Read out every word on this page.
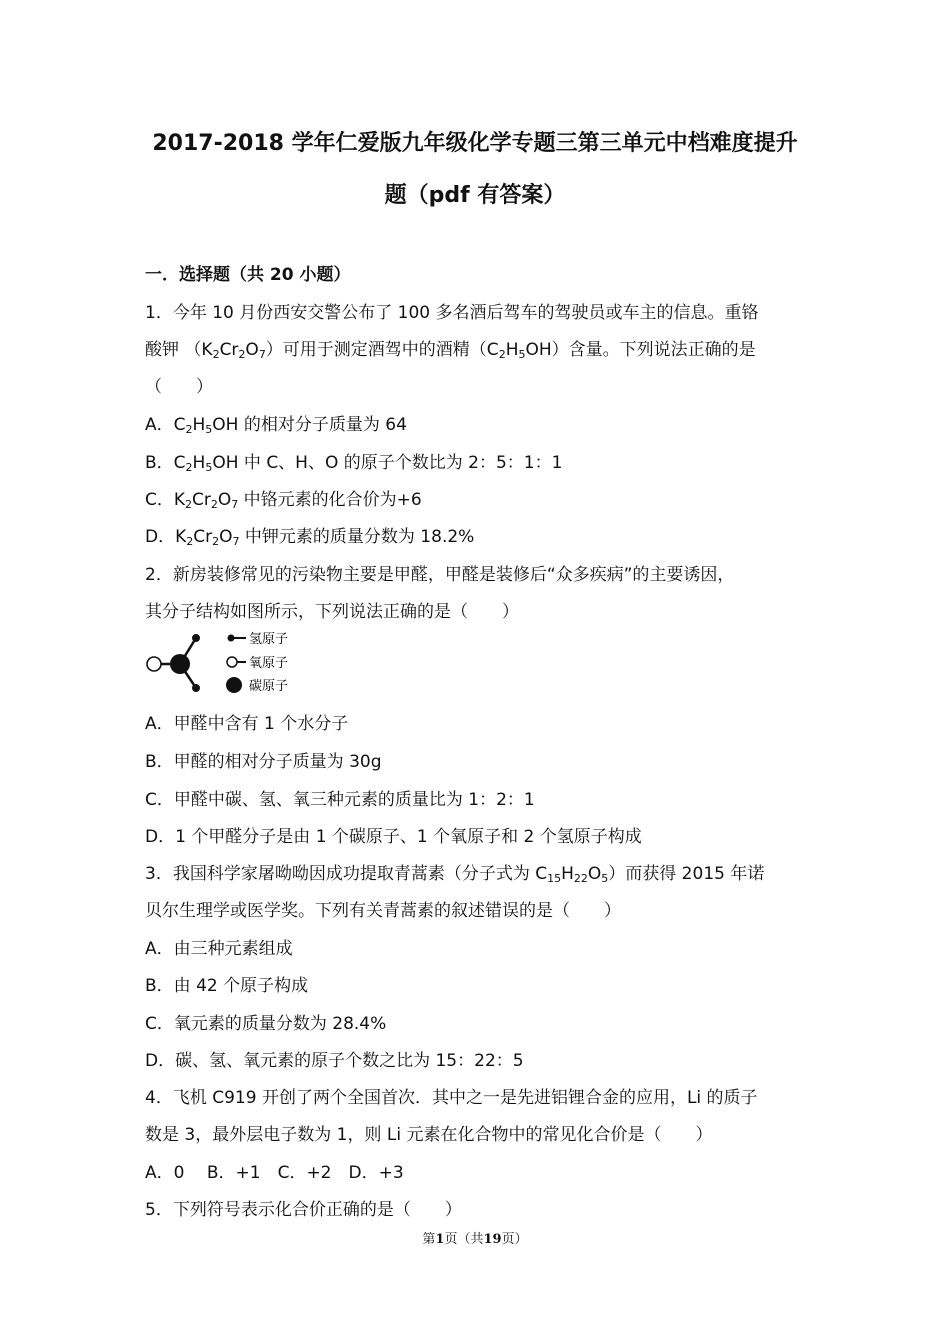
2017-2018 学年仁爱版九年级化学专题三第三单元中档难度提升
题（pdf 有答案）
一．选择题（共 20 小题）
1．今年 10 月份西安交警公布了 100 多名酒后驾车的驾驶员或车主的信息。重铬
酸钾 $(K_2Cr_2O_7)$可用于测定酒驾中的酒精$(C_2H_5OH)$含量。下列说法正确的是
（　　）
A．$C_2H_5OH$ 的相对分子质量为 64
B．$C_2H_5OH$ 中 C、H、O 的原子个数比为 2：5：1：1
C．$K_2Cr_2O_7$ 中铬元素的化合价为+6
D．$K_2Cr_2O_7$ 中钾元素的质量分数为 18.2%
2．新房装修常见的污染物主要是甲醛，甲醛是装修后“众多疾病”的主要诱因，
其分子结构如图所示，下列说法正确的是（　　）
氢原子
氧原子
碳原子
A．甲醛中含有 1 个水分子
B．甲醛的相对分子质量为 30g
C．甲醛中碳、氢、氧三种元素的质量比为 1：2：1
D．1 个甲醛分子是由 1 个碳原子、1 个氧原子和 2 个氢原子构成
3．我国科学家屠呦呦因成功提取青蒿素（分子式为 $C_{15}H_{22}O_5$）而获得 2015 年诺
贝尔生理学或医学奖。下列有关青蒿素的叙述错误的是（　　）
A．由三种元素组成
B．由 42 个原子构成
C．氧元素的质量分数为 28.4%
D．碳、氢、氧元素的原子个数之比为 15：22：5
4．飞机 C919 开创了两个全国首次．其中之一是先进铝锂合金的应用，Li 的质子
数是 3，最外层电子数为 1，则 Li 元素在化合物中的常见化合价是（　　）
A．0　 B．+1　C．+2　D．+3
5．下列符号表示化合价正确的是（　　）
第1页（共19页）
